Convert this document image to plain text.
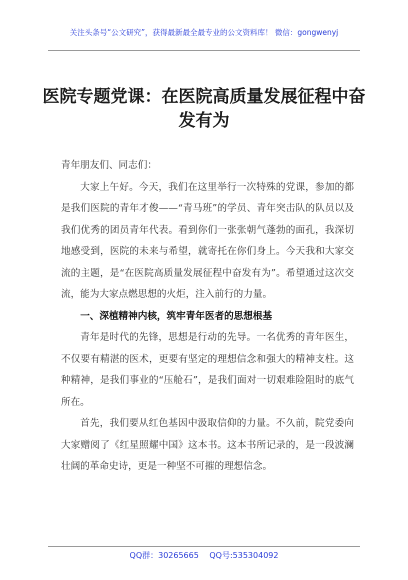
关注头条号“公文研究”，获得最新最全最专业的公文资料库！ 微信：gongwenyj
医院专题党课：在医院高质量发展征程中奋发有为

青年朋友们、同志们：

大家上午好。今天，我们在这里举行一次特殊的党课，参加的都是我们医院的青年才俊——“青马班”的学员、青年突击队的队员以及我们优秀的团员青年代表。看到你们一张张朝气蓬勃的面孔，我深切地感受到，医院的未来与希望，就寄托在你们身上。今天我和大家交流的主题，是“在医院高质量发展征程中奋发有为”。希望通过这次交流，能为大家点燃思想的火炬，注入前行的力量。

一、深植精神内核，筑牢青年医者的思想根基

青年是时代的先锋，思想是行动的先导。一名优秀的青年医生，不仅要有精湛的医术，更要有坚定的理想信念和强大的精神支柱。这种精神，是我们事业的“压舱石”，是我们面对一切艰难险阻时的底气所在。

首先，我们要从红色基因中汲取信仰的力量。不久前，院党委向大家赠阅了《红星照耀中国》这本书。这本书所记录的，是一段波澜壮阔的革命史诗，更是一种坚不可摧的理想信念。

QQ群：30265665 QQ号:535304092
